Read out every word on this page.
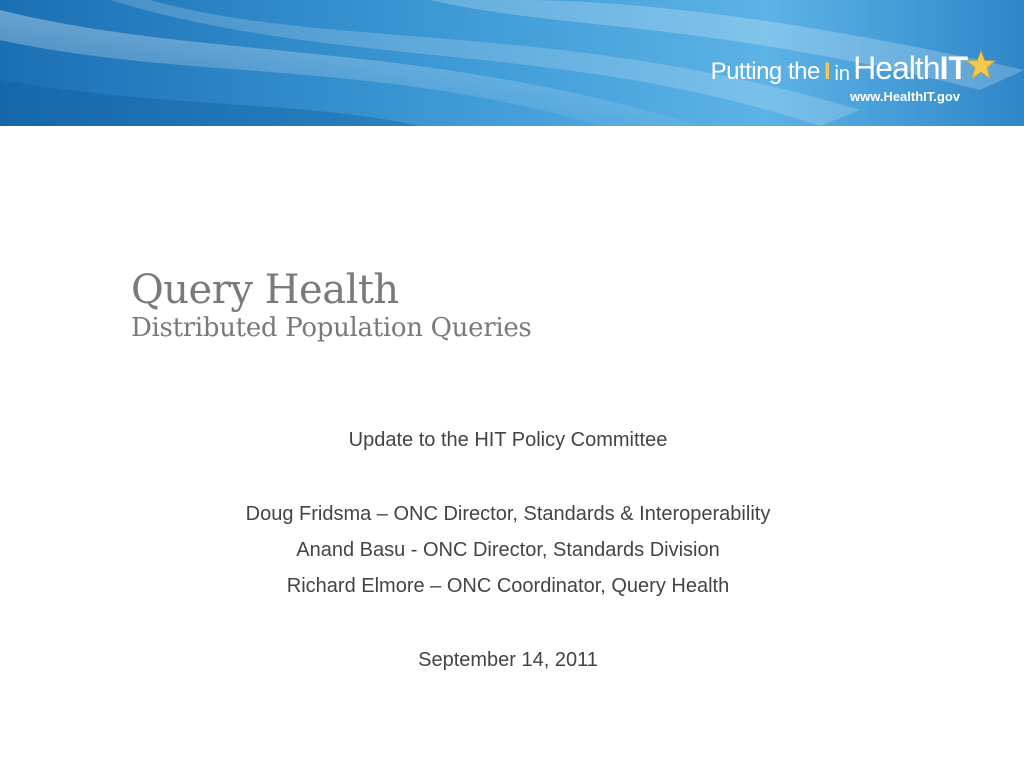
Putting the I in Health IT
www.HealthIT.gov
Query Health
Distributed Population Queries
Update to the HIT Policy Committee
Doug Fridsma – ONC Director, Standards & Interoperability
Anand Basu - ONC Director, Standards Division
Richard Elmore – ONC Coordinator, Query Health
September 14, 2011
